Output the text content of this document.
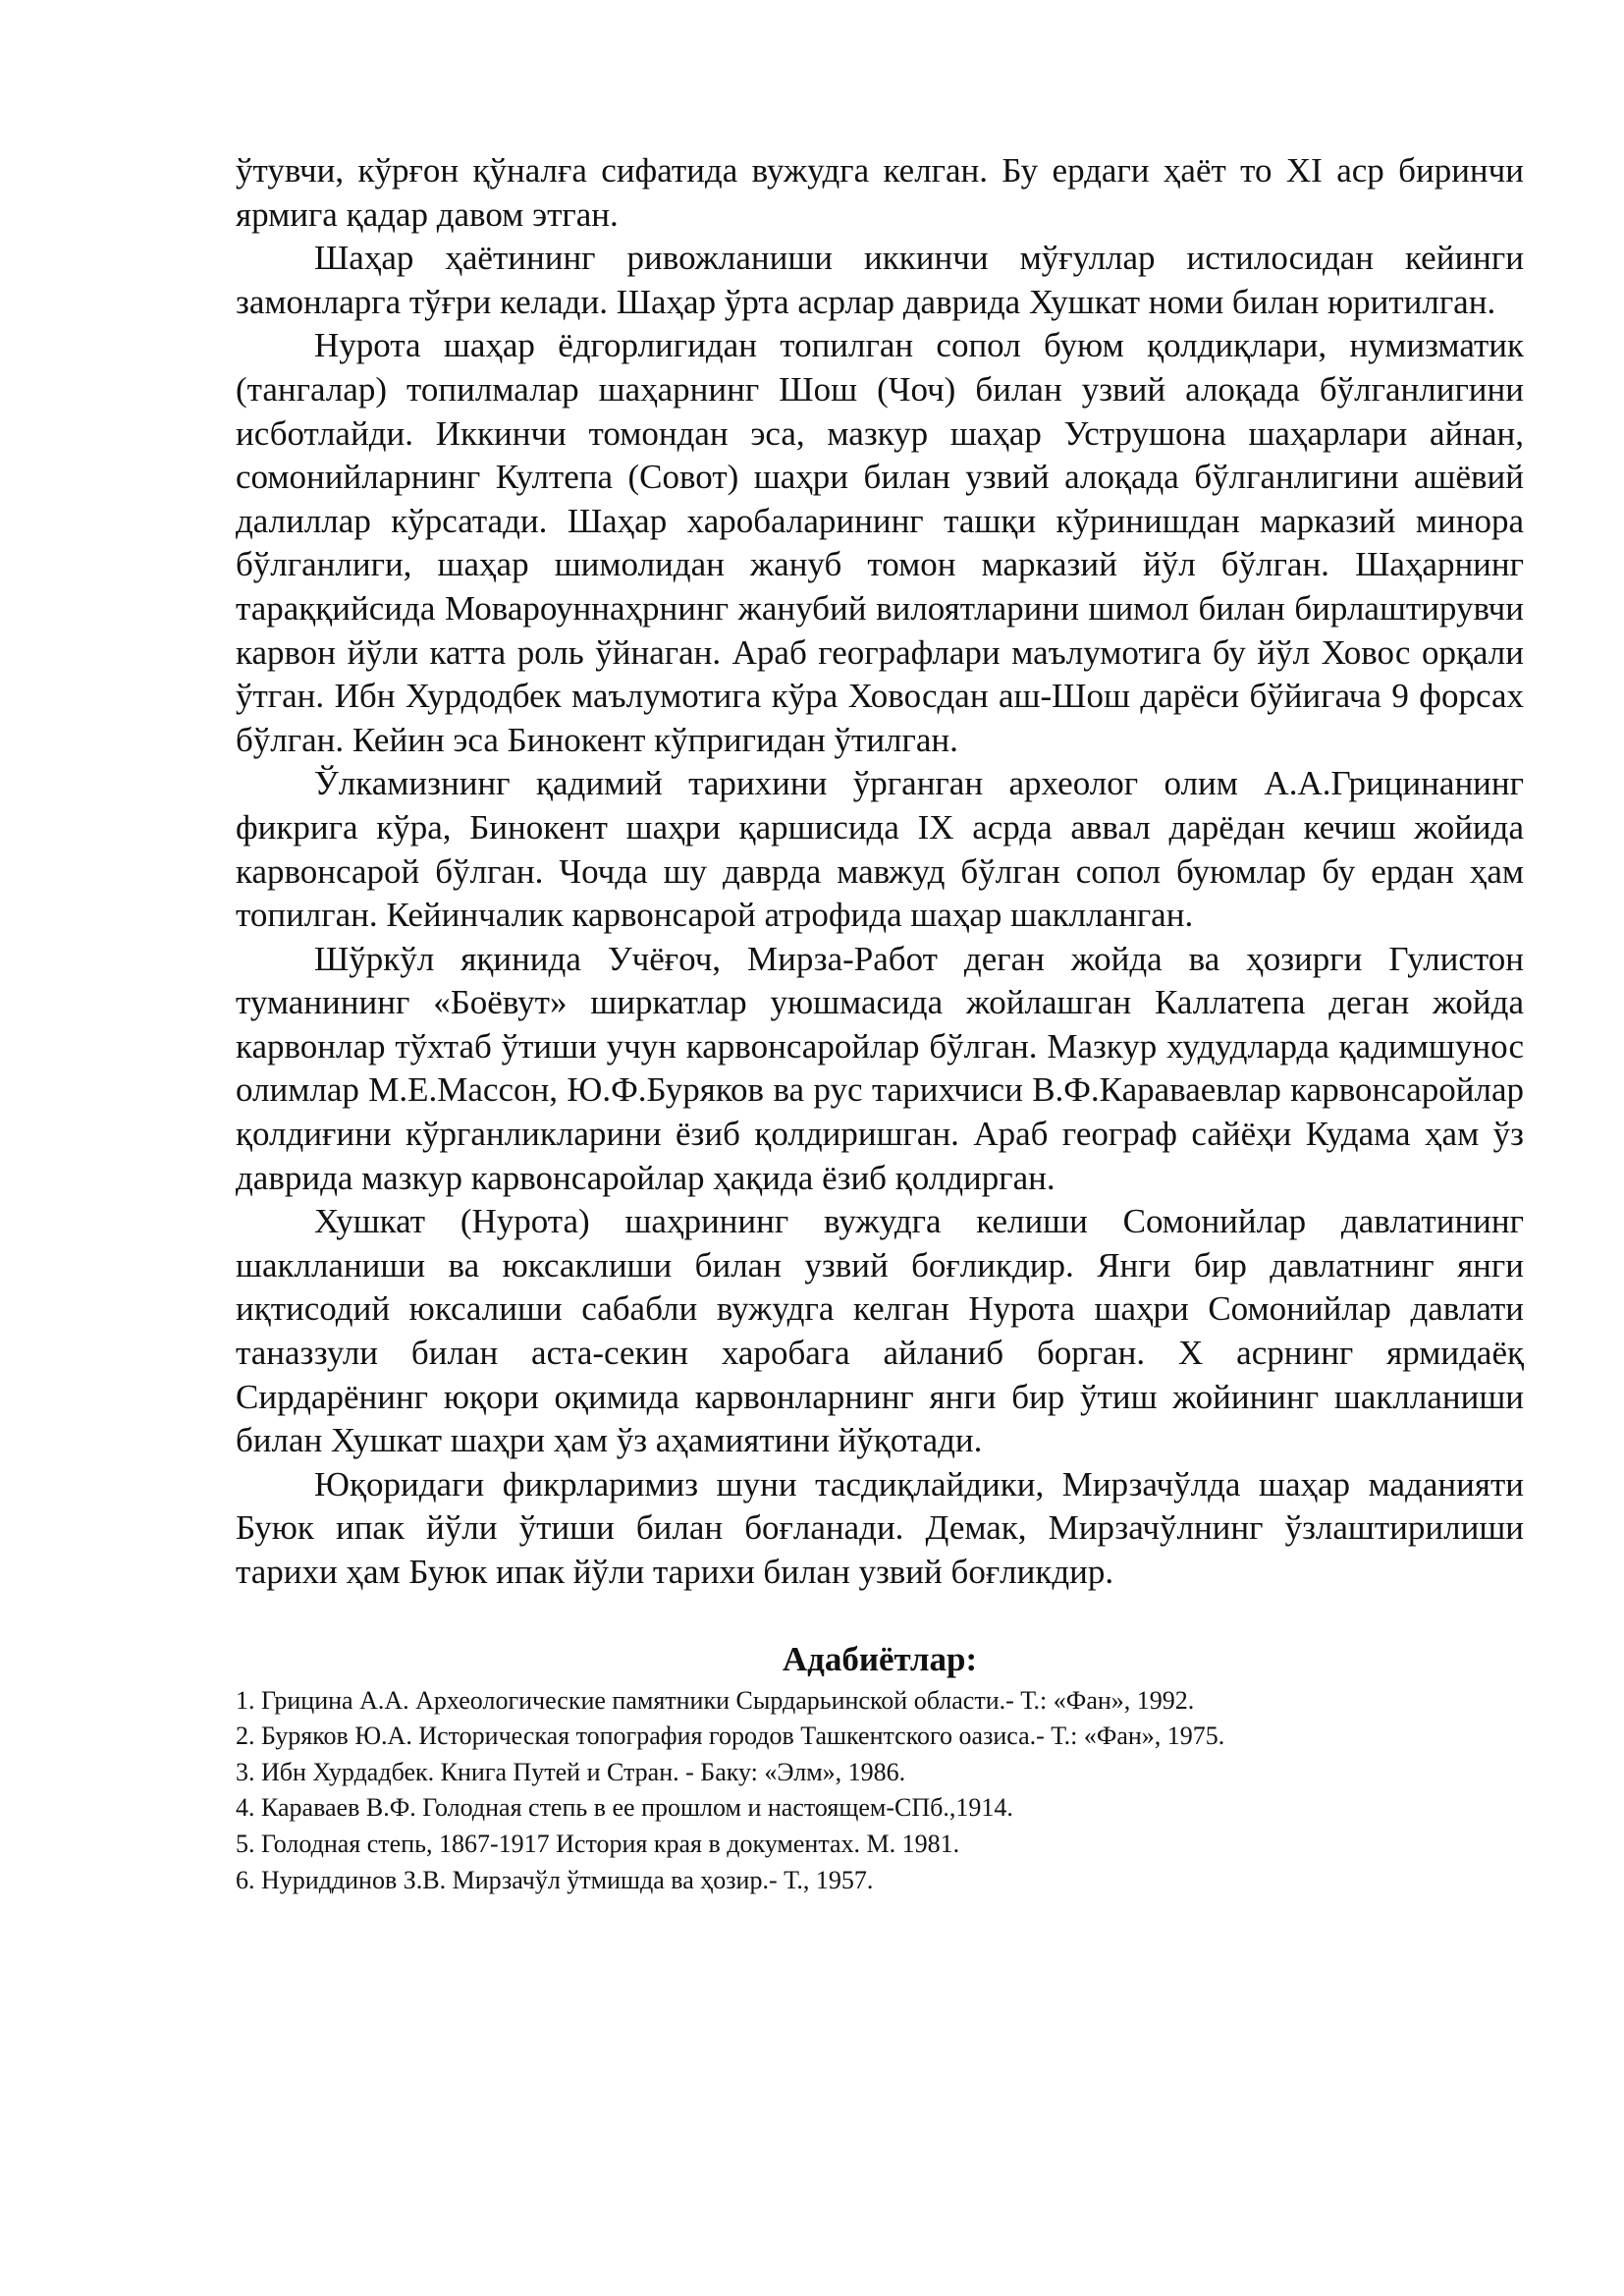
ўтувчи, кўрғон қўналға сифатида вужудга келган. Бу ердаги ҳаёт то XI аср биринчи ярмига қадар давом этган.

Шаҳар ҳаётининг ривожланиши иккинчи мўғуллар истилосидан кейинги замонларга тўғри келади. Шаҳар ўрта асрлар даврида Хушкат номи билан юритилган.

Нурота шаҳар ёдгорлигидан топилган сопол буюм қолдиқлари, нумизматик (тангалар) топилмалар шаҳарнинг Шош (Чоч) билан узвий алоқада бўлганлигини исботлайди. Иккинчи томондан эса, мазкур шаҳар Уструшона шаҳарлари айнан, сомонийларнинг Култепа (Совот) шаҳри билан узвий алоқада бўлганлигини ашёвий далиллар кўрсатади. Шаҳар харобаларининг ташқи кўринишдан марказий минора бўлганлиги, шаҳар шимолидан жануб томон марказий йўл бўлган. Шаҳарнинг тараққийсида Мовароуннаҳрнинг жанубий вилоятларини шимол билан бирлаштирувчи карвон йўли катта роль ўйнаган. Араб географлари маълумотига бу йўл Ховос орқали ўтган. Ибн Хурдодбек маълумотига кўра Ховосдан аш-Шош дарёси бўйигача 9 форсах бўлган. Кейин эса Бинокент кўпригидан ўтилган.

Ўлкамизнинг қадимий тарихини ўрганган археолог олим А.А.Грицинанинг фикрига кўра, Бинокент шаҳри қаршисида IX асрда аввал дарёдан кечиш жойида карвонсарой бўлган. Чочда шу даврда мавжуд бўлган сопол буюмлар бу ердан ҳам топилган. Кейинчалик карвонсарой атрофида шаҳар шаклланган.

Шўркўл яқинида Учёғоч, Мирза-Работ деган жойда ва ҳозирги Гулистон туманининг «Боёвут» ширкатлар уюшмасида жойлашган Каллатепа деган жойда карвонлар тўхтаб ўтиши учун карвонсаройлар бўлган. Мазкур худудларда қадимшунос олимлар М.Е.Массон, Ю.Ф.Буряков ва рус тарихчиси В.Ф.Караваевлар карвонсаройлар қолдиғини кўрганликларини ёзиб қолдиришган. Араб географ сайёҳи Кудама ҳам ўз даврида мазкур карвонсаройлар ҳақида ёзиб қолдирган.

Хушкат (Нурота) шаҳрининг вужудга келиши Сомонийлар давлатининг шаклланиши ва юксаклиши билан узвий боғликдир. Янги бир давлатнинг янги иқтисодий юксалиши сабабли вужудга келган Нурота шаҳри Сомонийлар давлати таназзули билан аста-секин харобага айланиб борган. X асрнинг ярмидаёқ Сирдарёнинг юқори оқимида карвонларнинг янги бир ўтиш жойининг шаклланиши билан Хушкат шаҳри ҳам ўз аҳамиятини йўқотади.

Юқоридаги фикрларимиз шуни тасдиқлайдики, Мирзачўлда шаҳар маданияти Буюк ипак йўли ўтиши билан боғланади. Демак, Мирзачўлнинг ўзлаштирилиши тарихи ҳам Буюк ипак йўли тарихи билан узвий боғликдир.

Адабиётлар:
1. Грицина А.А. Археологические памятники Сырдарьинской области.- Т.: «Фан», 1992.
2. Буряков Ю.А. Историческая топография городов Ташкентского оазиса.- Т.: «Фан», 1975.
3. Ибн Хурдадбек. Книга Путей и Стран. - Баку: «Элм», 1986.
4. Караваев В.Ф. Голодная степь в ее прошлом и настоящем-СПб.,1914.
5. Голодная степь, 1867-1917 История края в документах. М. 1981.
6. Нуриддинов З.В. Мирзачўл ўтмишда ва ҳозир.- Т., 1957.
